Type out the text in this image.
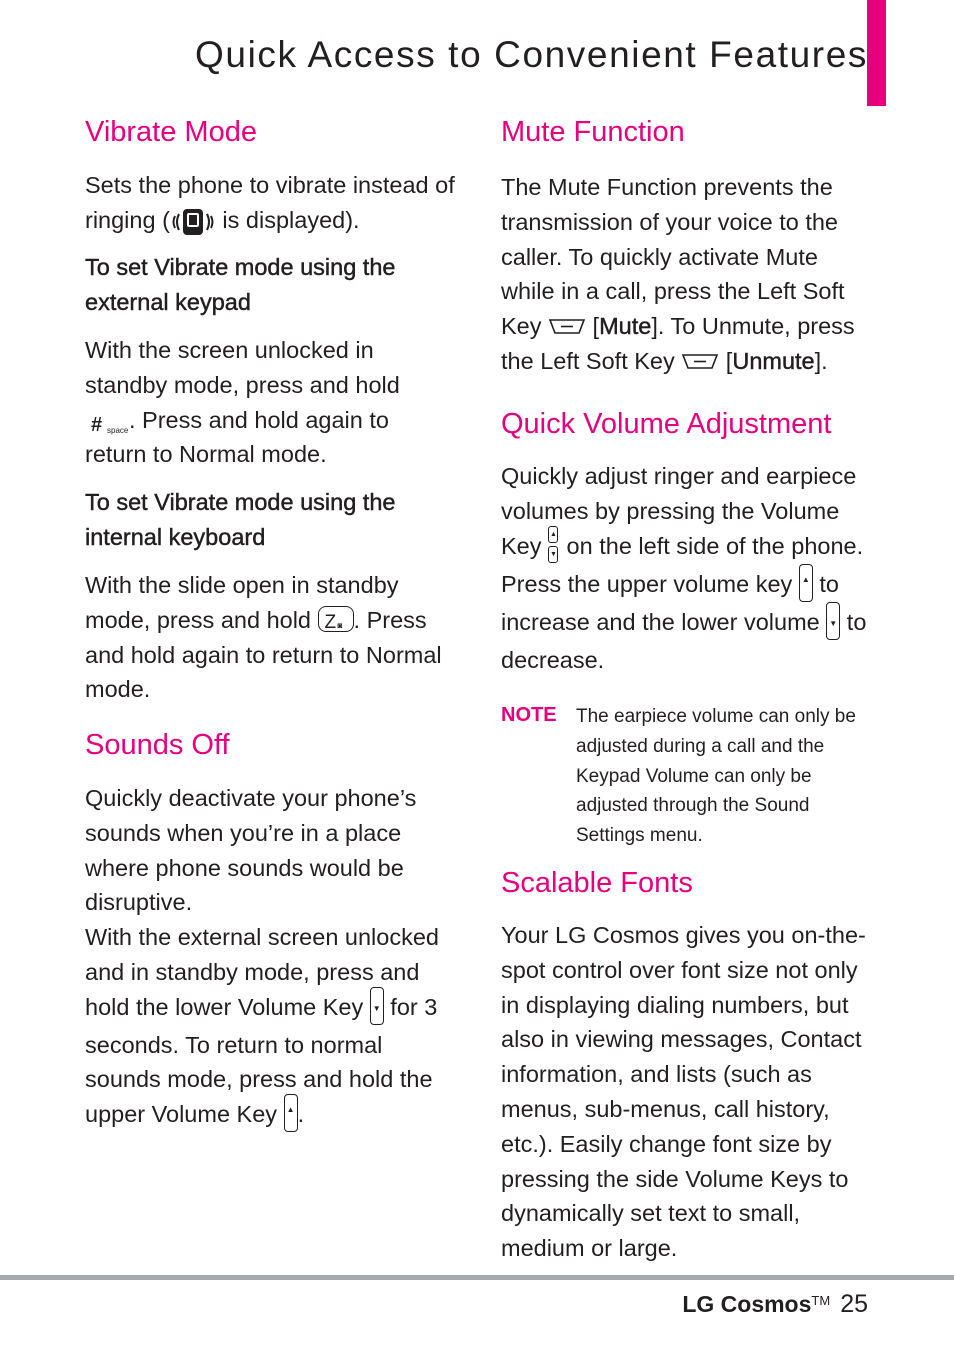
Quick Access to Convenient Features
Vibrate Mode

Sets the phone to vibrate instead of ringing ( is displayed).

To set Vibrate mode using the external keypad

With the screen unlocked in standby mode, press and hold

# space . Press and hold again to return to Normal mode.

To set Vibrate mode using the internal keyboard

With the slide open in standby mode, press and hold Z ◙ . Press and hold again to return to Normal mode.

Sounds Off

Quickly deactivate your phone’s sounds when you’re in a place where phone sounds would be disruptive.

With the external screen unlocked and in standby mode, press and hold the lower Volume Key ▼ for 3 seconds. To return to normal sounds mode, press and hold the upper Volume Key ▲ .

Mute Function

The Mute Function prevents the transmission of your voice to the caller. To quickly activate Mute while in a call, press the Left Soft Key
[Mute]. To Unmute, press the Left Soft Key
[Unmute].

Quick Volume Adjustment

Quickly adjust ringer and earpiece volumes by pressing the Volume Key ▲
▼ on the left side of the phone. Press the upper volume key ▲ to increase and the lower volume ▼ to decrease.

NOTE The earpiece volume can only be adjusted during a call and the Keypad Volume can only be adjusted through the Sound Settings menu.

Scalable Fonts

Your LG Cosmos gives you on-the-spot control over font size not only in displaying dialing numbers, but also in viewing messages, Contact information, and lists (such as menus, sub-menus, call history, etc.). Easily change font size by pressing the side Volume Keys to dynamically set text to small, medium or large.

LG Cosmos™ 25
